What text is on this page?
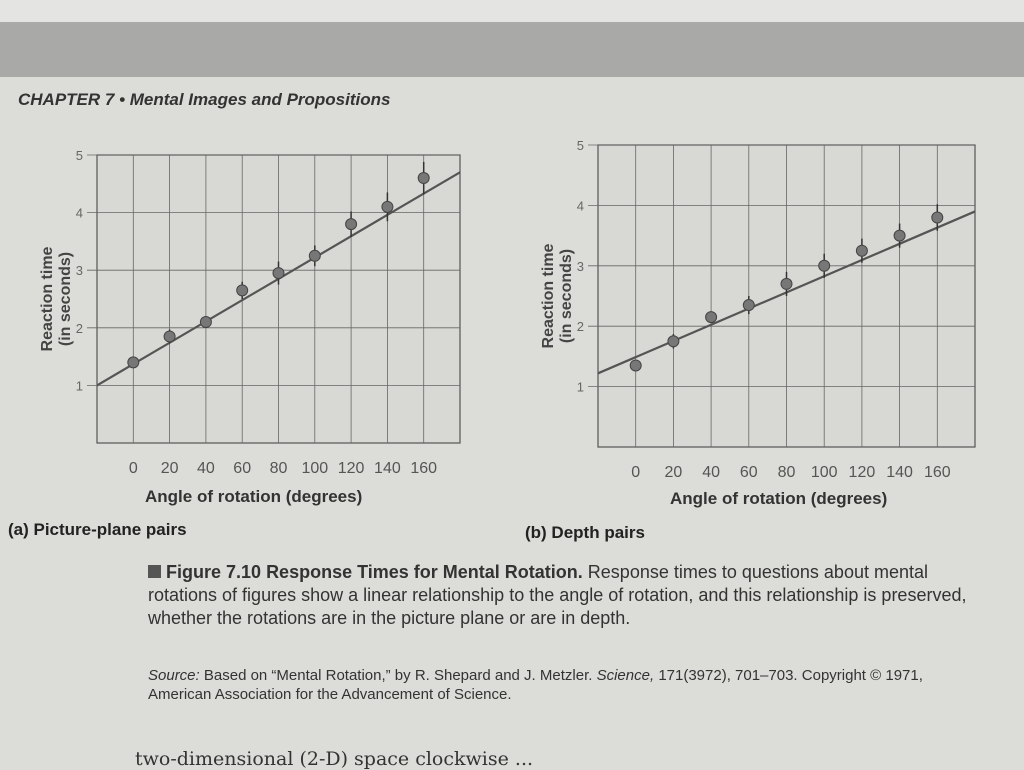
CHAPTER 7 • Mental Images and Propositions
1
2
3
4
5
0 20 40 60 80 100 120 140 160
Reaction time (in seconds)
1
2
3
4
5
0 20 40 60 80 100 120 140 160
Reaction time (in seconds)
Angle of rotation (degrees)	Angle of rotation (degrees)
(a) Picture-plane pairs	(b) Depth pairs
Figure 7.10 Response Times for Mental Rotation. Response times to questions about mental rotations of figures show a linear relationship to the angle of rotation, and this relationship is preserved, whether the rotations are in the picture plane or are in depth.
Source: Based on “Mental Rotation,” by R. Shepard and J. Metzler. Science, 171(3972), 701–703. Copyright © 1971, American Association for the Advancement of Science.
two-dimensional (2-D) space clockwise ...
